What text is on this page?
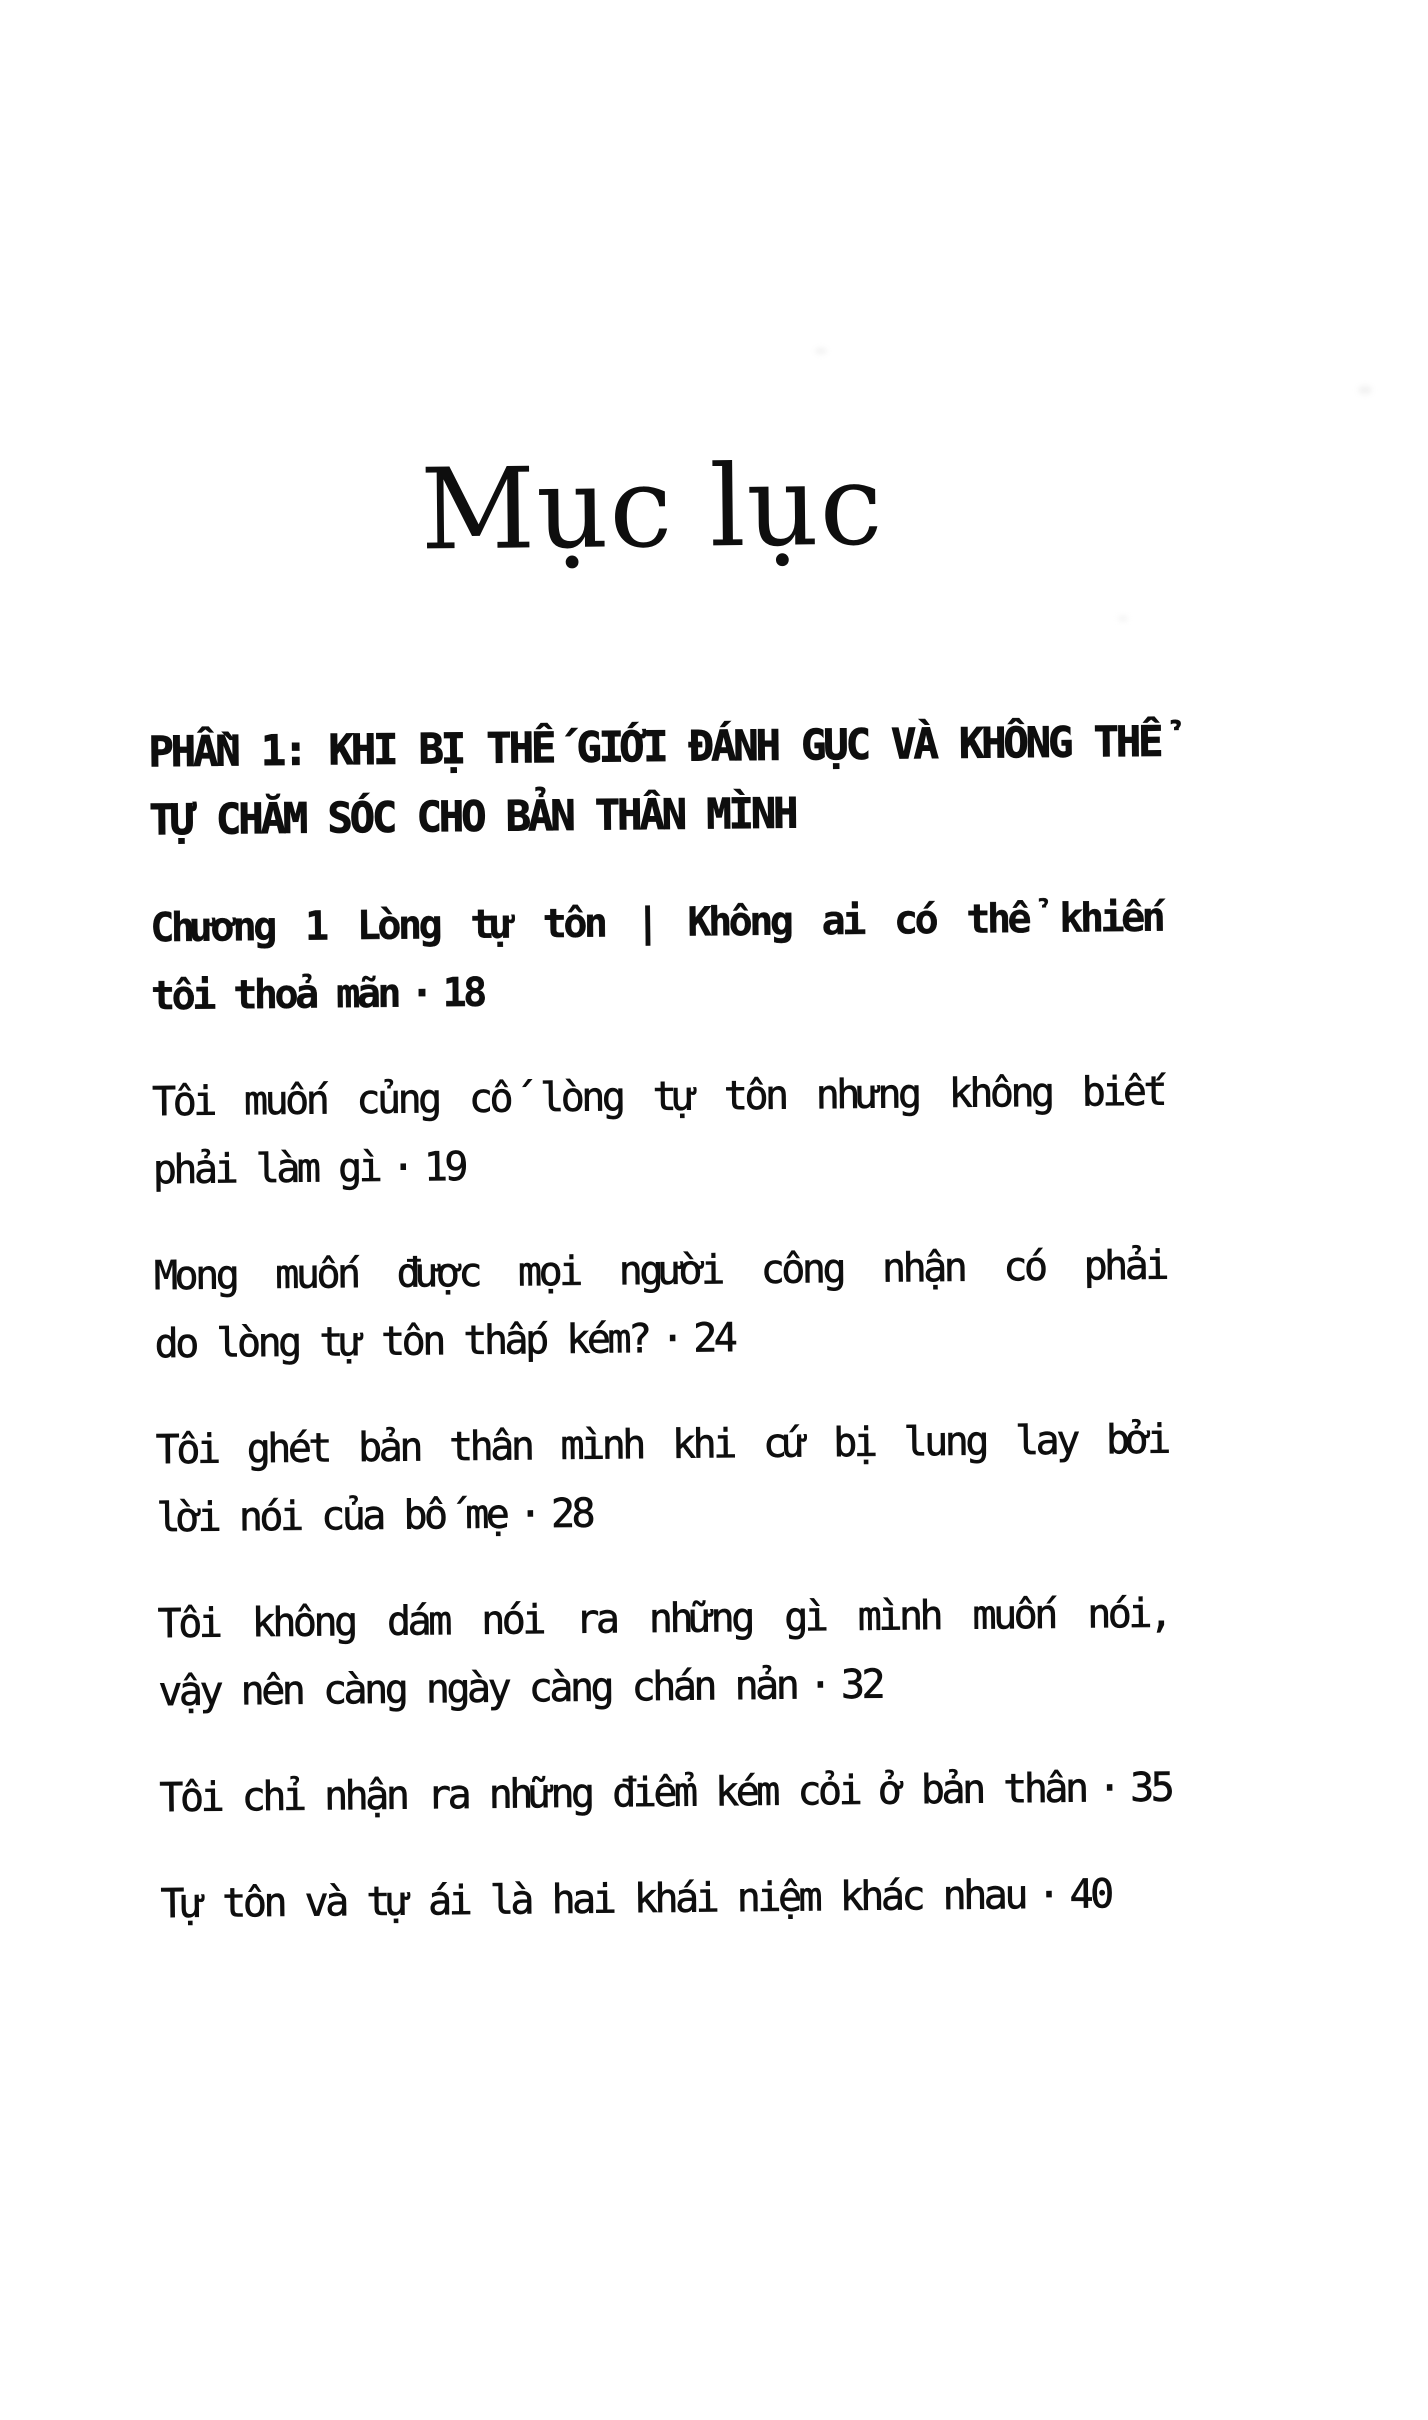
Mục lục
PHẦN 1: KHI BỊ THẾ GIỚI ĐÁNH GỤC VÀ KHÔNG THỂ
TỰ CHĂM SÓC CHO BẢN THÂN MÌNH

Chương 1 Lòng tự tôn | Không ai có thể khiến
tôi thoả mãn · 18

Tôi muốn củng cố lòng tự tôn nhưng không biết
phải làm gì · 19

Mong muốn được mọi người công nhận có phải
do lòng tự tôn thấp kém? · 24

Tôi ghét bản thân mình khi cứ bị lung lay bởi
lời nói của bố mẹ · 28

Tôi không dám nói ra những gì mình muốn nói,
vậy nên càng ngày càng chán nản · 32

Tôi chỉ nhận ra những điểm kém cỏi ở bản thân · 35

Tự tôn và tự ái là hai khái niệm khác nhau · 40
